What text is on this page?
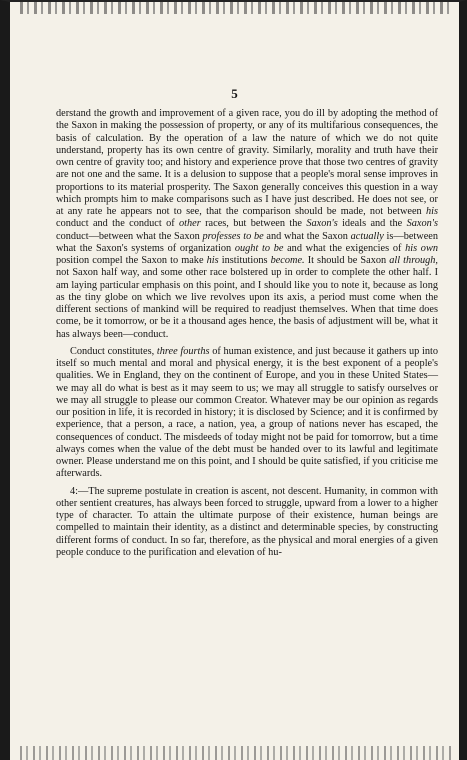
5

derstand the growth and improvement of a given race, you do ill by adopting the method of the Saxon in making the possession of property, or any of its multifarious consequences, the basis of calculation. By the operation of a law the nature of which we do not quite understand, property has its own centre of gravity. Similarly, morality and truth have their own centre of gravity too; and history and experience prove that those two centres of gravity are not one and the same. It is a delusion to suppose that a people's moral sense improves in proportions to its material prosperity. The Saxon generally conceives this question in a way which prompts him to make comparisons such as I have just described. He does not see, or at any rate he appears not to see, that the comparison should be made, not between his conduct and the conduct of other races, but between the Saxon's ideals and the Saxon's conduct—between what the Saxon professes to be and what the Saxon actually is—between what the Saxon's systems of organization ought to be and what the exigencies of his own position compel the Saxon to make his institutions become. It should be Saxon all through, not Saxon half way, and some other race bolstered up in order to complete the other half. I am laying particular emphasis on this point, and I should like you to note it, because as long as the tiny globe on which we live revolves upon its axis, a period must come when the different sections of mankind will be required to readjust themselves. When that time does come, be it tomorrow, or be it a thousand ages hence, the basis of adjustment will be, what it has always been—conduct.

Conduct constitutes, three fourths of human existence, and just because it gathers up into itself so much mental and moral and physical energy, it is the best exponent of a people's qualities. We in England, they on the continent of Europe, and you in these United States—we may all do what is best as it may seem to us; we may all struggle to satisfy ourselves or we may all struggle to please our common Creator. Whatever may be our opinion as regards our position in life, it is recorded in history; it is disclosed by Science; and it is confirmed by experience, that a person, a race, a nation, yea, a group of nations never has escaped, the consequences of conduct. The misdeeds of today might not be paid for tomorrow, but a time always comes when the value of the debt must be handed over to its lawful and legitimate owner. Please understand me on this point, and I should be quite satisfied, if you criticise me afterwards.

4:—The supreme postulate in creation is ascent, not descent. Humanity, in common with other sentient creatures, has always been forced to struggle, upward from a lower to a higher type of character. To attain the ultimate purpose of their existence, human beings are compelled to maintain their identity, as a distinct and determinable species, by constructing different forms of conduct. In so far, therefore, as the physical and moral energies of a given people conduce to the purification and elevation of hu-
